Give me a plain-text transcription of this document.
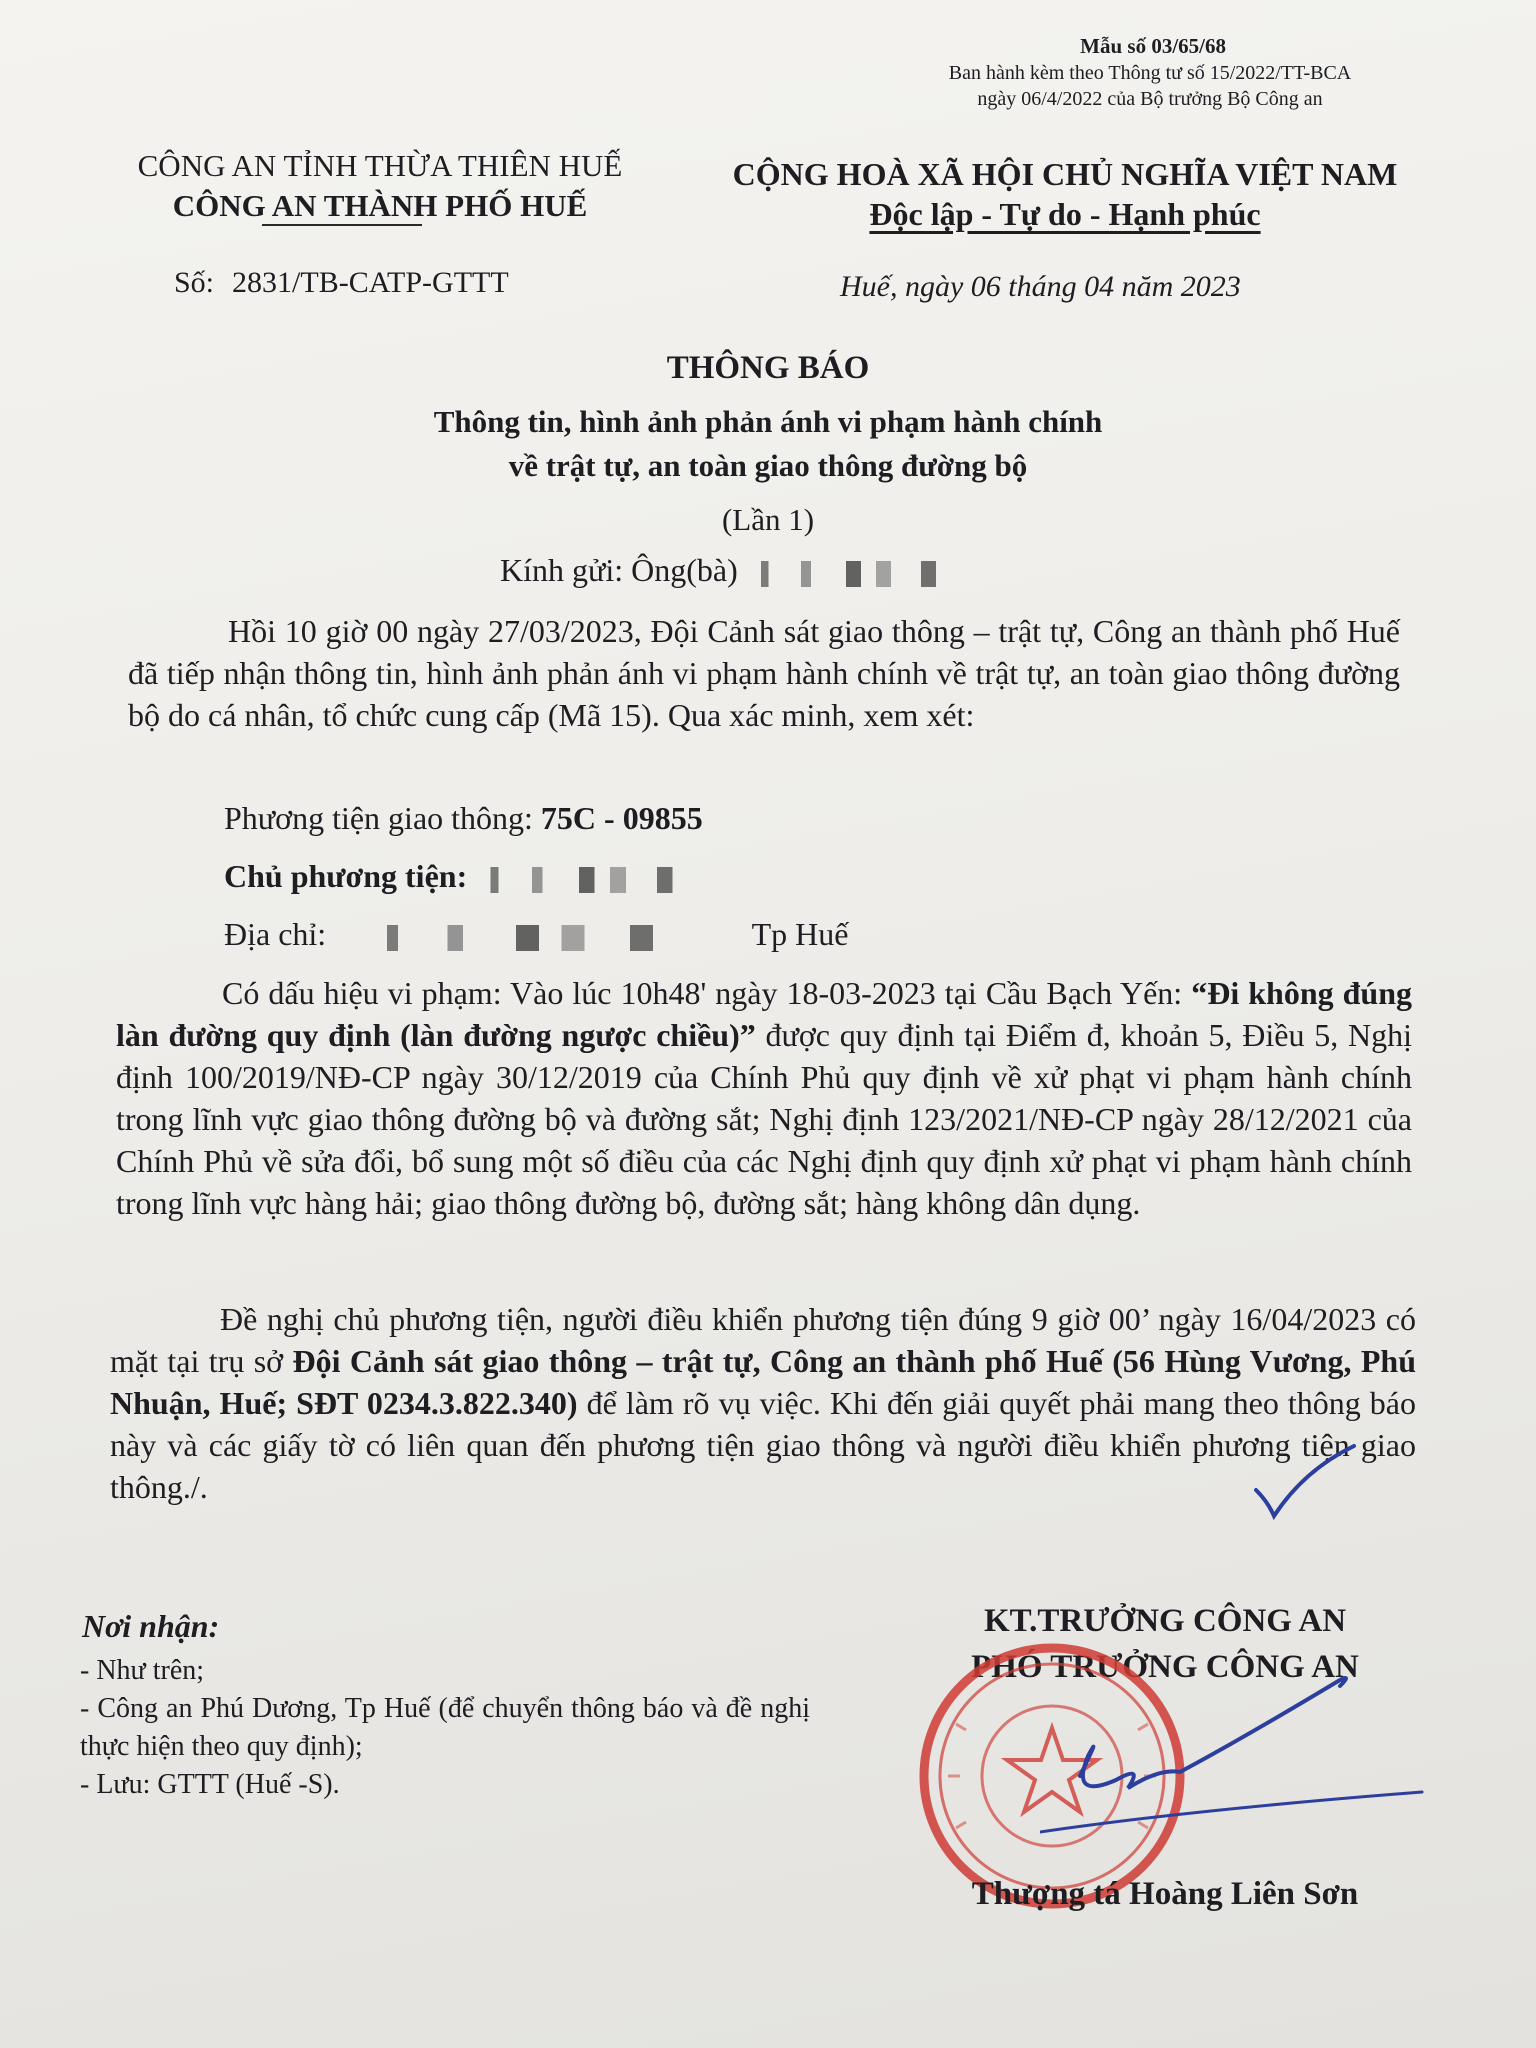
Mẫu số 03/65/68
Ban hành kèm theo Thông tư số 15/2022/TT-BCA
ngày 06/4/2022 của Bộ trưởng Bộ Công an
CÔNG AN TỈNH THỪA THIÊN HUẾ
CÔNG AN THÀNH PHỐ HUẾ
CỘNG HOÀ XÃ HỘI CHỦ NGHĨA VIỆT NAM
Độc lập - Tự do - Hạnh phúc
Số: 2831/TB-CATP-GTTT	Huế, ngày 06 tháng 04 năm 2023
THÔNG BÁO
Thông tin, hình ảnh phản ánh vi phạm hành chính
về trật tự, an toàn giao thông đường bộ
(Lần 1)
Kính gửi: Ông(bà)
Hồi 10 giờ 00 ngày 27/03/2023, Đội Cảnh sát giao thông – trật tự, Công an thành phố Huế đã tiếp nhận thông tin, hình ảnh phản ánh vi phạm hành chính về trật tự, an toàn giao thông đường bộ do cá nhân, tổ chức cung cấp (Mã 15). Qua xác minh, xem xét:
Phương tiện giao thông: 75C - 09855
Chủ phương tiện:
Địa chỉ:	Tp Huế
Có dấu hiệu vi phạm: Vào lúc 10h48' ngày 18-03-2023 tại Cầu Bạch Yến: “Đi không đúng làn đường quy định (làn đường ngược chiều)” được quy định tại Điểm đ, khoản 5, Điều 5, Nghị định 100/2019/NĐ-CP ngày 30/12/2019 của Chính Phủ quy định về xử phạt vi phạm hành chính trong lĩnh vực giao thông đường bộ và đường sắt; Nghị định 123/2021/NĐ-CP ngày 28/12/2021 của Chính Phủ về sửa đổi, bổ sung một số điều của các Nghị định quy định xử phạt vi phạm hành chính trong lĩnh vực hàng hải; giao thông đường bộ, đường sắt; hàng không dân dụng.
Đề nghị chủ phương tiện, người điều khiển phương tiện đúng 9 giờ 00’ ngày 16/04/2023 có mặt tại trụ sở Đội Cảnh sát giao thông – trật tự, Công an thành phố Huế (56 Hùng Vương, Phú Nhuận, Huế; SĐT 0234.3.822.340) để làm rõ vụ việc. Khi đến giải quyết phải mang theo thông báo này và các giấy tờ có liên quan đến phương tiện giao thông và người điều khiển phương tiện giao thông./.
Nơi nhận:
- Như trên;
- Công an Phú Dương, Tp Huế (để chuyển thông báo và đề nghị thực hiện theo quy định);
- Lưu: GTTT (Huế -S).
KT.TRƯỞNG CÔNG AN
PHÓ TRƯỞNG CÔNG AN
Thượng tá Hoàng Liên Sơn
